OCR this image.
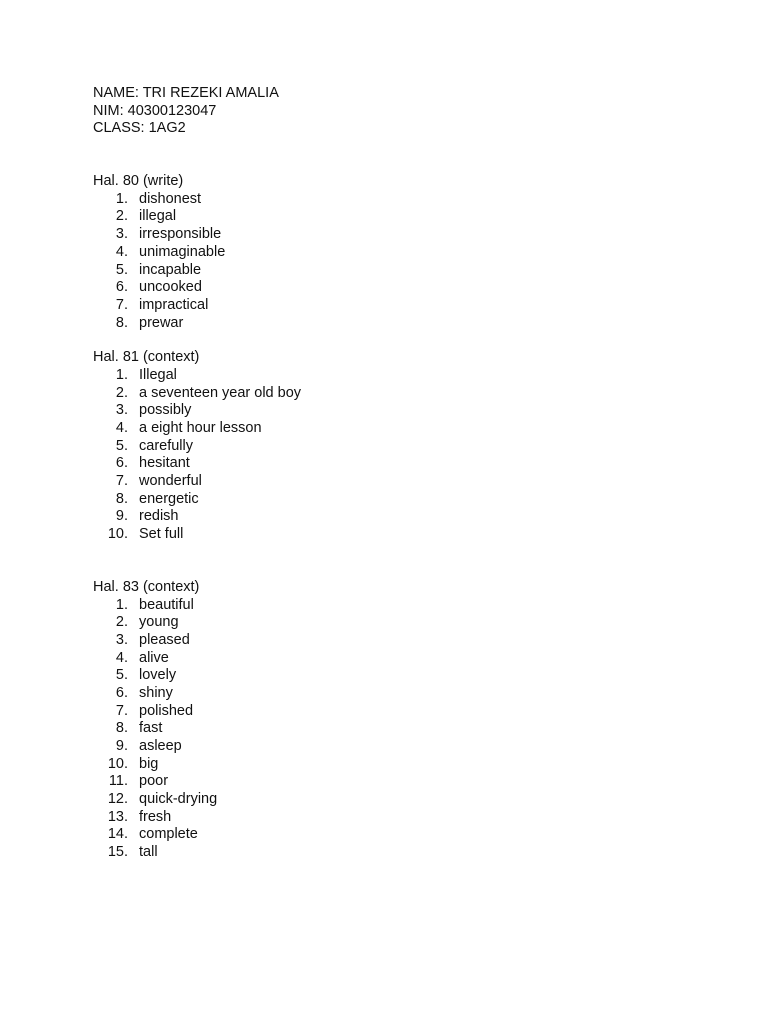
NAME: TRI REZEKI AMALIA
NIM: 40300123047
CLASS: 1AG2
Hal. 80 (write)
1. dishonest
2. illegal
3. irresponsible
4. unimaginable
5. incapable
6. uncooked
7. impractical
8. prewar
Hal. 81 (context)
1. Illegal
2. a seventeen year old boy
3. possibly
4. a eight hour lesson
5. carefully
6. hesitant
7. wonderful
8. energetic
9. redish
10. Set full
Hal. 83 (context)
1. beautiful
2. young
3. pleased
4. alive
5. lovely
6. shiny
7. polished
8. fast
9. asleep
10. big
11. poor
12. quick-drying
13. fresh
14. complete
15. tall
